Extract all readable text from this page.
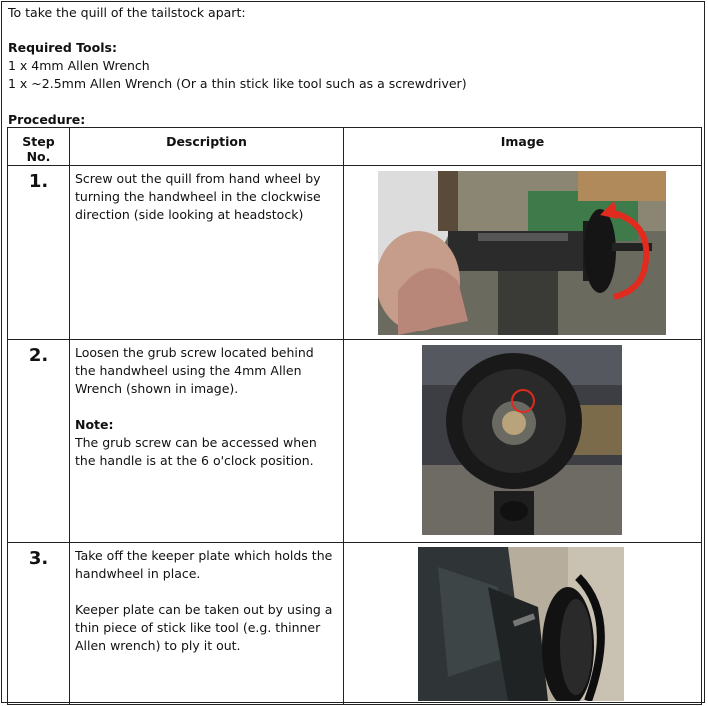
To take the quill of the tailstock apart:
Required Tools:
1 x 4mm Allen Wrench
1 x ~2.5mm Allen Wrench (Or a thin stick like tool such as a screwdriver)
Procedure:
Step
No.	Description	Image
1.	Screw out the quill from hand wheel by turning the handwheel in the clockwise direction (side looking at headstock)

2.	Loosen the grub screw located behind the handwheel using the 4mm Allen Wrench (shown in image).

Note:
The grub screw can be accessed when the handle is at the 6 o'clock position.

3.	Take off the keeper plate which holds the handwheel in place.

Keeper plate can be taken out by using a thin piece of stick like tool (e.g. thinner Allen wrench) to ply it out.
